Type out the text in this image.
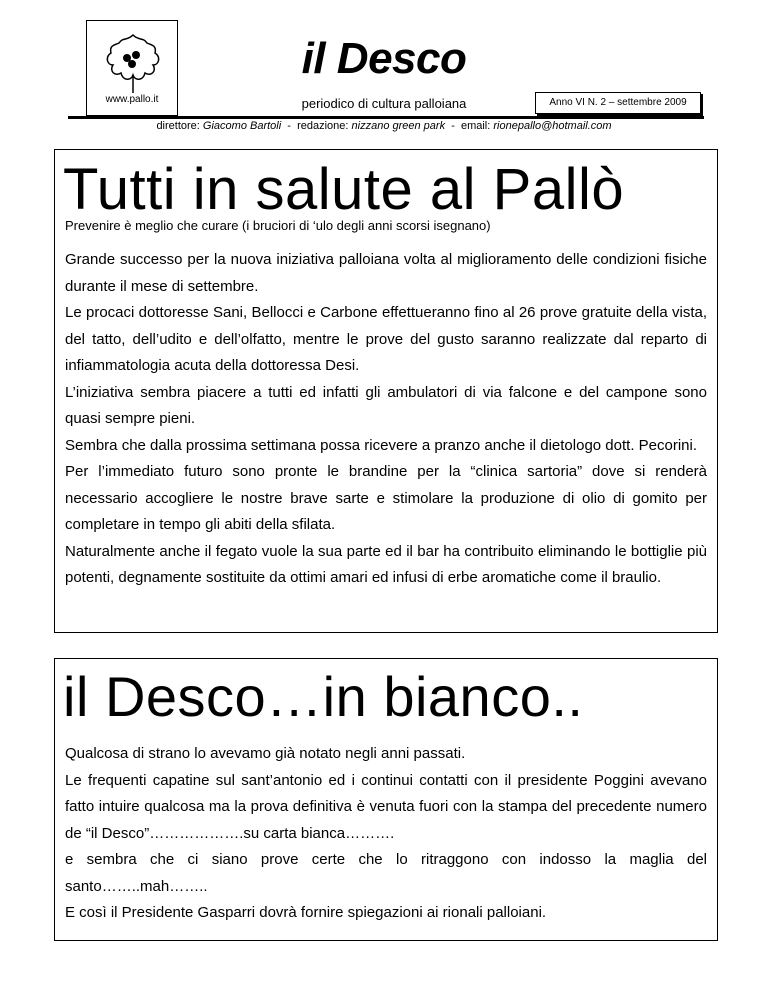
il Desco
www.pallo.it	periodico di cultura palloiana	Anno VI N. 2 – settembre 2009
direttore: Giacomo Bartoli  -  redazione: nizzano green park  -  email: rionepallo@hotmail.com
Tutti in salute al Pallò
Prevenire è meglio che curare (i bruciori di ‘ulo degli anni scorsi isegnano)

Grande successo per la nuova iniziativa palloiana volta al miglioramento delle condizioni fisiche durante il mese di settembre.

Le procaci dottoresse Sani, Bellocci e Carbone effettueranno fino al 26 prove gratuite della vista, del tatto, dell’udito e dell’olfatto, mentre le prove del gusto saranno realizzate dal reparto di infiammatologia acuta della dottoressa Desi.

L’iniziativa sembra piacere a tutti ed infatti gli ambulatori di via falcone e del campone sono quasi sempre pieni.

Sembra che dalla prossima settimana possa ricevere a pranzo anche il dietologo dott. Pecorini.

Per l’immediato futuro sono pronte le brandine per la “clinica sartoria” dove si renderà necessario accogliere le nostre brave sarte e stimolare la produzione di olio di gomito per completare in tempo gli abiti della sfilata.

Naturalmente anche il fegato vuole la sua parte ed il bar ha contribuito eliminando le bottiglie più potenti, degnamente sostituite da ottimi amari ed infusi di erbe aromatiche come il braulio.

il Desco…in bianco..

Qualcosa di strano lo avevamo già notato negli anni passati.

Le frequenti capatine sul sant’antonio ed i continui contatti con il presidente Poggini avevano fatto intuire qualcosa ma la prova definitiva è venuta fuori con la stampa del precedente numero de “il Desco”……………….su carta bianca……….

e sembra che ci siano prove certe che lo ritraggono con indosso la maglia del santo……..mah……..

E così il Presidente Gasparri dovrà fornire spiegazioni ai rionali palloiani.
